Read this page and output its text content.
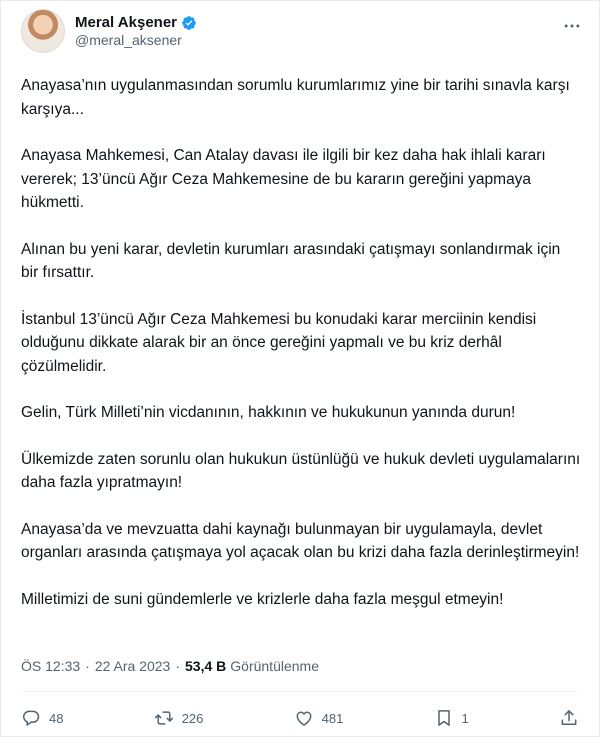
Meral Akşener
@meral_aksener

Anayasa’nın uygulanmasından sorumlu kurumlarımız yine bir tarihi sınavla karşı karşıya...

Anayasa Mahkemesi, Can Atalay davası ile ilgili bir kez daha hak ihlali kararı vererek; 13’üncü Ağır Ceza Mahkemesine de bu kararın gereğini yapmaya hükmetti.

Alınan bu yeni karar, devletin kurumları arasındaki çatışmayı sonlandırmak için bir fırsattır.

İstanbul 13’üncü Ağır Ceza Mahkemesi bu konudaki karar merciinin kendisi olduğunu dikkate alarak bir an önce gereğini yapmalı ve bu kriz derhâl çözülmelidir.

Gelin, Türk Milleti’nin vicdanının, hakkının ve hukukunun yanında durun!

Ülkemizde zaten sorunlu olan hukukun üstünlüğü ve hukuk devleti uygulamalarını daha fazla yıpratmayın!

Anayasa’da ve mevzuatta dahi kaynağı bulunmayan bir uygulamayla, devlet organları arasında çatışmaya yol açacak olan bu krizi daha fazla derinleştirmeyin!

Milletimizi de suni gündemlerle ve krizlerle daha fazla meşgul etmeyin!

ÖS 12:33 · 22 Ara 2023 · 53,4 B Görüntülenme
48	226	481	1
